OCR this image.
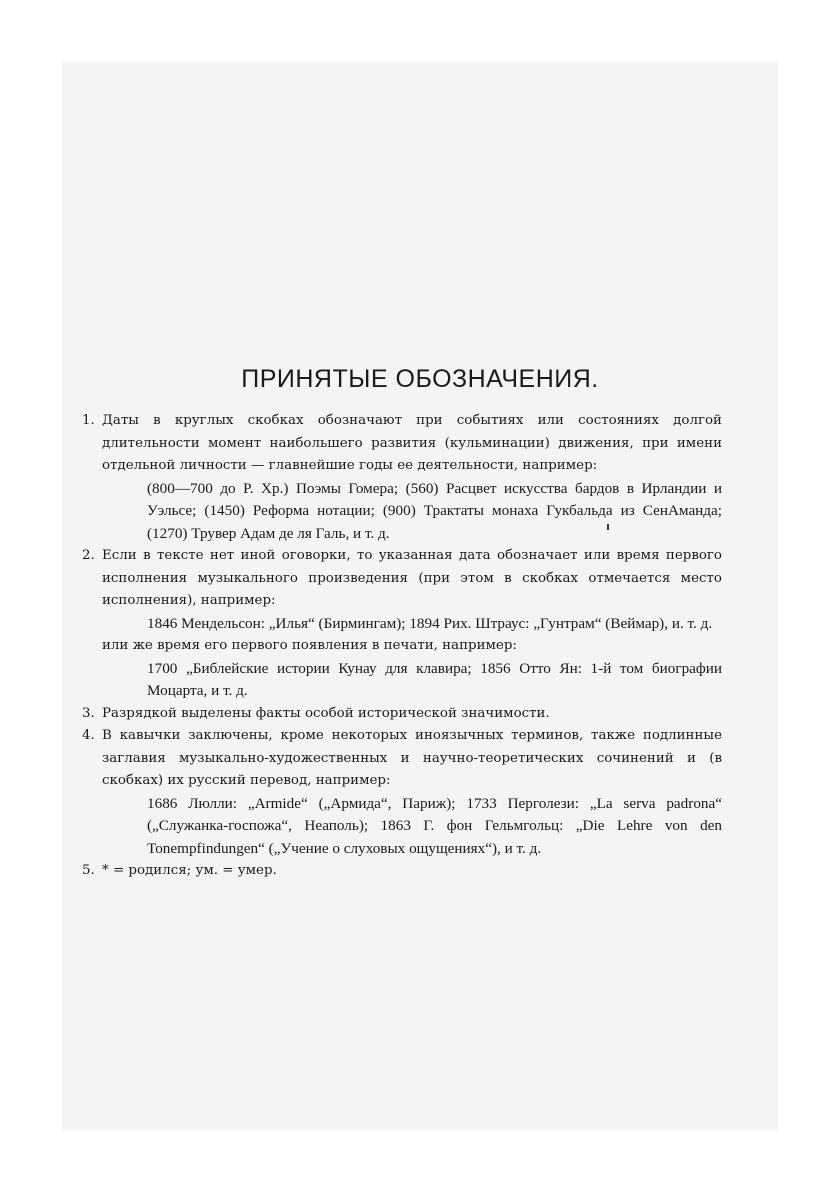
ПРИНЯТЫЕ ОБОЗНАЧЕНИЯ.
1. Даты в круглых скобках обозначают при событиях или состояниях долгой длительности момент наибольшего развития (кульминации) движения, при имени отдельной личности — главнейшие годы ее деятельности, например:
(800—700 до Р. Хр.) Поэмы Гомера; (560) Расцвет искусства бардов в Ирландии и Уэльсе; (1450) Реформа нотации; (900) Трактаты монаха Гукбальда из СенАманда; (1270) Трувер Адам де ля Галь, и т. д.
2. Если в тексте нет иной оговорки, то указанная дата обозначает или время первого исполнения музыкального произведения (при этом в скобках отмечается место исполнения), например:
1846 Мендельсон: „Илья“ (Бирмингам); 1894 Рих. Штраус: „Гунтрам“ (Веймар), и. т. д.
или же время его первого появления в печати, например:
1700 „Библейские истории Кунау для клавира; 1856 Отто Ян: 1-й том биографии Моцарта, и т. д.
3. Разрядкой выделены факты особой исторической значимости.
4. В кавычки заключены, кроме некоторых иноязычных терминов, также подлинные заглавия музыкально-художественных и научно-теоретических сочинений и (в скобках) их русский перевод, например:
1686 Люлли: „Armide“ („Армида“, Париж); 1733 Перголези: „La serva padrona“ („Служанка-госпожа“, Неаполь); 1863 Г. фон Гельмгольц: „Die Lehre von den Tonempfindungen“ („Учение о слуховых ощущениях“), и т. д.
5. * = родился; ум. = умер.
